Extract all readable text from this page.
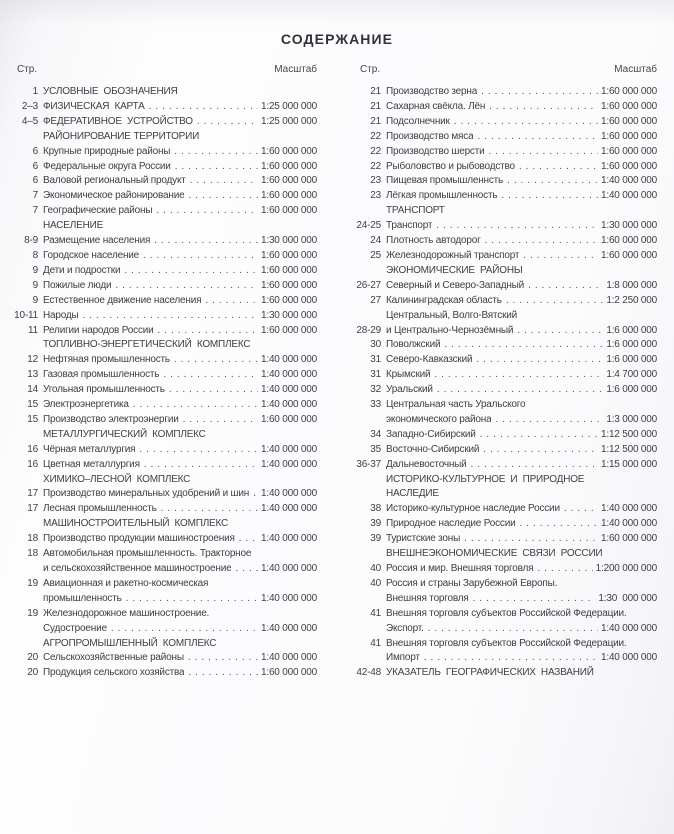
СОДЕРЖАНИЕ
Стр.	Масштаб
1 УСЛОВНЫЕ  ОБОЗНАЧЕНИЯ
2–3 ФИЗИЧЕСКАЯ  КАРТА . . .	1:25 000 000
4–5 ФЕДЕРАТИВНОЕ  УСТРОЙСТВО . . .	1:25 000 000
РАЙОНИРОВАНИЕ ТЕРРИТОРИИ
6 Крупные природные районы . . .	1:60 000 000
6 Федеральные округа России . . .	1:60 000 000
6 Валовой региональный продукт . . .	1:60 000 000
7 Экономическое районирование . . .	1:60 000 000
7 Географические районы . . .	1:60 000 000
НАСЕЛЕНИЕ
8-9 Размещение населения . . .	1:30 000 000
8 Городское население . . .	1:60 000 000
9 Дети и подростки . . .	1:60 000 000
9 Пожилые люди . . .	1:60 000 000
9 Естественное движение населения . . .	1:60 000 000
10-11 Народы . . .	1:30 000 000
11 Религии народов России . . .	1:60 000 000
ТОПЛИВНО-ЭНЕРГЕТИЧЕСКИЙ  КОМПЛЕКС
12 Нефтяная промышленность . . .	1:40 000 000
13 Газовая промышленность . . .	1:40 000 000
14 Угольная промышленность . . .	1:40 000 000
15 Электроэнергетика . . .	1:40 000 000
15 Производство электроэнергии . . .	1:60 000 000
МЕТАЛЛУРГИЧЕСКИЙ  КОМПЛЕКС
16 Чёрная металлургия . . .	1:40 000 000
16 Цветная металлургия . . .	1:40 000 000
ХИМИКО–ЛЕСНОЙ  КОМПЛЕКС
17 Производство минеральных удобрений и шин . . . 1:40 000 000
17 Лесная промышленность . . .	1:40 000 000
МАШИНОСТРОИТЕЛЬНЫЙ  КОМПЛЕКС
18 Производство продукции машиностроения . . .	1:40 000 000
18 Автомобильная промышленность. Тракторное
и сельскохозяйственное машиностроение . . .	1:40 000 000
19 Авиационная и ракетно-космическая
промышленность . . .	1:40 000 000
19 Железнодорожное машиностроение.
Судостроение . . .	1:40 000 000
АГРОПРОМЫШЛЕННЫЙ  КОМПЛЕКС
20 Сельскохозяйственные районы . . .	1:40 000 000
20 Продукция сельского хозяйства . . .	1:60 000 000
Стр.	Масштаб
21 Производство зерна . . .	1:60 000 000
21 Сахарная свёкла. Лён . . .	1:60 000 000
21 Подсолнечник . . .	1:60 000 000
22 Производство мяса . . .	1:60 000 000
22 Производство шерсти . . .	1:60 000 000
22 Рыболовство и рыбоводство . . .	1:60 000 000
23 Пищевая промышленнсть . . .	1:40 000 000
23 Лёгкая промышленность . . .	1:40 000 000
ТРАНСПОРТ
24-25 Транспорт . . .	1:30 000 000
24 Плотность автодорог . . .	1:60 000 000
25 Железнодорожный транспорт . . .	1:60 000 000
ЭКОНОМИЧЕСКИЕ  РАЙОНЫ
26-27 Северный и Северо-Западный . . .	1:8 000 000
27 Калининградская область . . .	1:2 250 000
Центральный, Волго-Вятский
28-29 и Центрально-Чернозёмный . . .	1:6 000 000
30 Поволжский . . .	1:6 000 000
31 Северо-Кавказский . . .	1:6 000 000
31 Крымский . . .	1:4 700 000
32 Уральский . . .	1:6 000 000
33 Центральная часть Уральского
экономического района . . .	1:3 000 000
34 Западно-Сибирский . . .	1:12 500 000
35 Восточно-Сибирский . . .	1:12 500 000
36-37 Дальневосточный . . .	1:15 000 000
ИСТОРИКО-КУЛЬТУРНОЕ  И  ПРИРОДНОЕ
НАСЛЕДИЕ
38 Историко-культурное наследие России . . .	1:40 000 000
39 Природное наследие России . . .	1:40 000 000
39 Туристские зоны . . .	1:60 000 000
ВНЕШНЕЭКОНОМИЧЕСКИЕ  СВЯЗИ  РОССИИ
40 Россия и мир. Внешняя торговля . . .	1:200 000 000
40 Россия и страны Зарубежной Европы.
Внешняя торговля . . .	1:30  000 000
41 Внешняя торговля субъектов Российской Федерации.
Экспорт. . . .	1:40 000 000
41 Внешняя торговля субъектов Российской Федерации.
Импорт . . .	1:40 000 000
42-48 УКАЗАТЕЛЬ  ГЕОГРАФИЧЕСКИХ  НАЗВАНИЙ
